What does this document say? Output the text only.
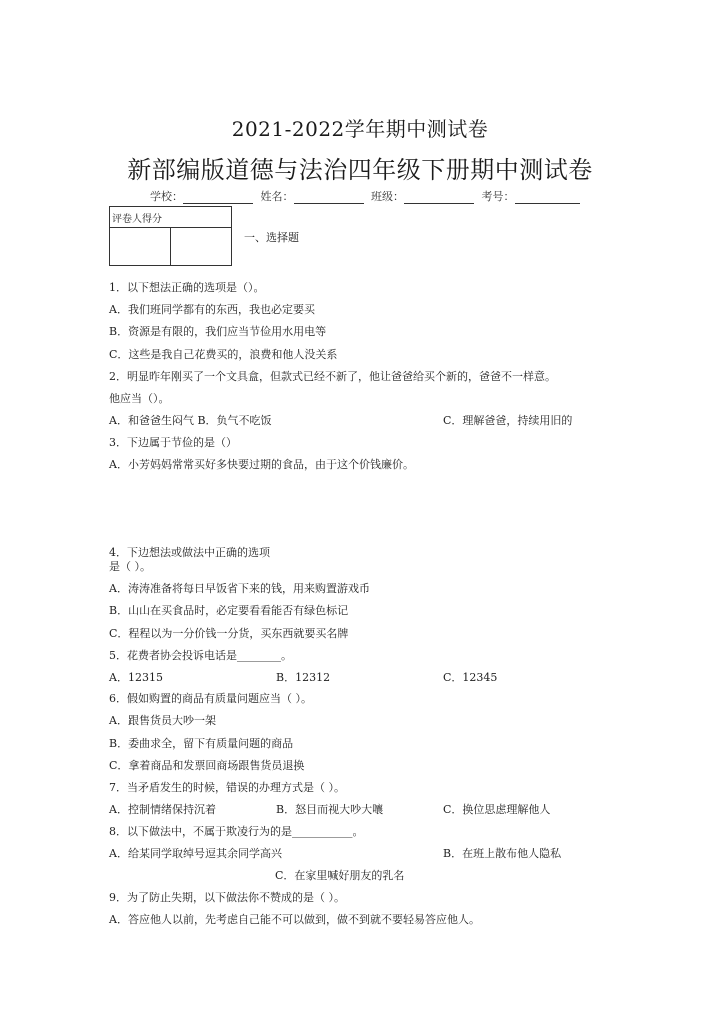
2021-2022学年期中测试卷
新部编版道德与法治四年级下册期中测试卷
学校：	姓名：	班级：	考号：
评卷人得分

一、选择题
1．以下想法正确的选项是（）。
A．我们班同学都有的东西，我也必定要买
B．资源是有限的，我们应当节俭用水用电等
C．这些是我自己花费买的，浪费和他人没关系
2．明显昨年刚买了一个文具盒，但款式已经不新了，他让爸爸给买个新的，爸爸不一样意。
他应当（）。
A．和爸爸生闷气 B．负气不吃饭	C．理解爸爸，持续用旧的
3．下边属于节俭的是（）
A．小芳妈妈常常买好多快要过期的食品，由于这个价钱廉价。
4．下边想法或做法中正确的选项
是（ ）。
A．涛涛准备将每日早饭省下来的钱，用来购置游戏币
B．山山在买食品时，必定要看看能否有绿色标记
C．程程以为一分价钱一分货，买东西就要买名牌
5．花费者协会投诉电话是________。
A．12315	B．12312	C．12345
6．假如购置的商品有质量问题应当（ ）。
A．跟售货员大吵一架
B．委曲求全，留下有质量问题的商品
C．拿着商品和发票回商场跟售货员退换
7．当矛盾发生的时候，错误的办理方式是（ ）。
A．控制情绪保持沉着	B．怒目而视大吵大嚷	C．换位思虑理解他人
8．以下做法中，不属于欺凌行为的是___________。
A．给某同学取绰号逗其余同学高兴	B．在班上散布他人隐私
C．在家里喊好朋友的乳名
9．为了防止失期，以下做法你不赞成的是（ ）。
A．答应他人以前，先考虑自己能不可以做到，做不到就不要轻易答应他人。
